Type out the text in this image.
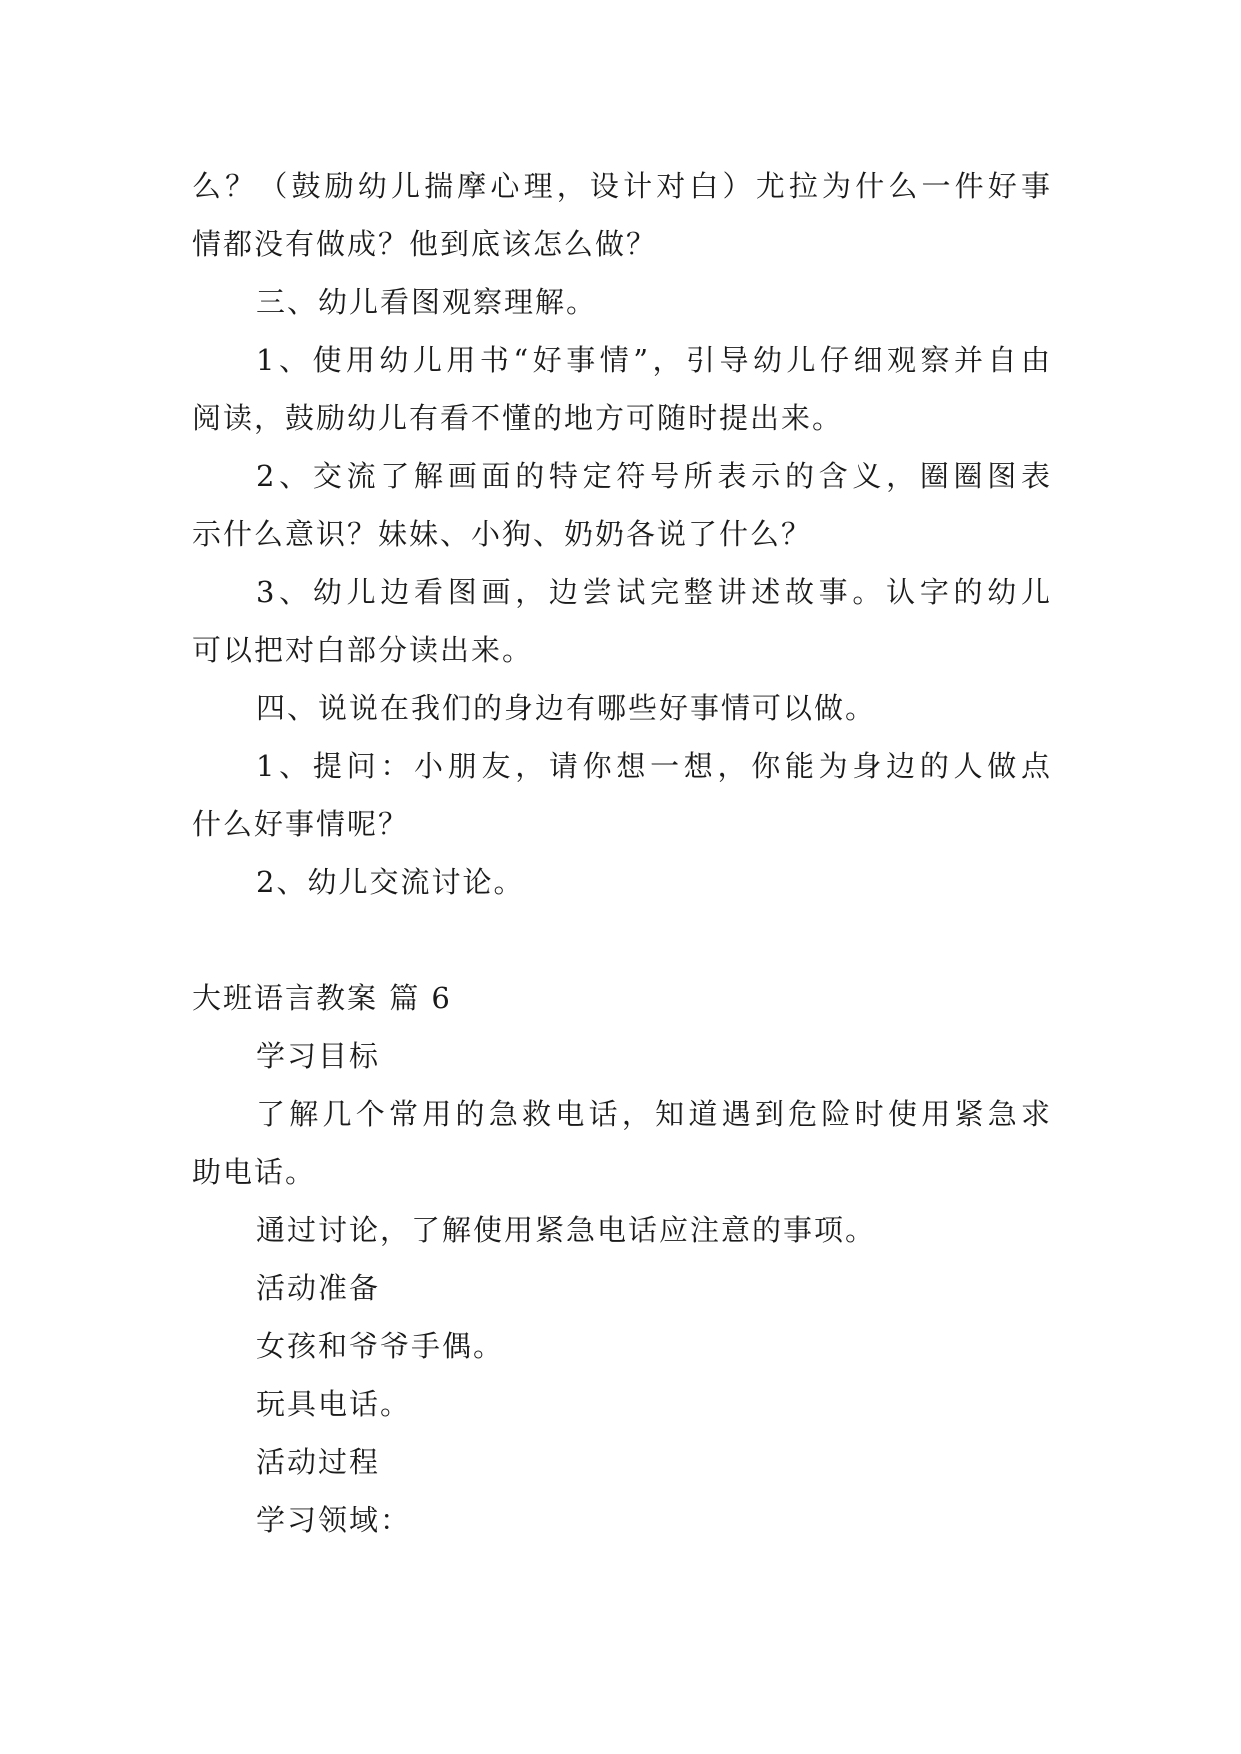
么？（鼓励幼儿揣摩心理，设计对白）尤拉为什么一件好事
情都没有做成？他到底该怎么做？
三、幼儿看图观察理解。
1、使用幼儿用书“好事情”，引导幼儿仔细观察并自由
阅读，鼓励幼儿有看不懂的地方可随时提出来。
2、交流了解画面的特定符号所表示的含义，圈圈图表
示什么意识？妹妹、小狗、奶奶各说了什么？
3、幼儿边看图画，边尝试完整讲述故事。认字的幼儿
可以把对白部分读出来。
四、说说在我们的身边有哪些好事情可以做。
1、提问：小朋友，请你想一想，你能为身边的人做点
什么好事情呢？
2、幼儿交流讨论。
大班语言教案 篇 6
学习目标
了解几个常用的急救电话，知道遇到危险时使用紧急求
助电话。
通过讨论，了解使用紧急电话应注意的事项。
活动准备
女孩和爷爷手偶。
玩具电话。
活动过程
学习领域：
